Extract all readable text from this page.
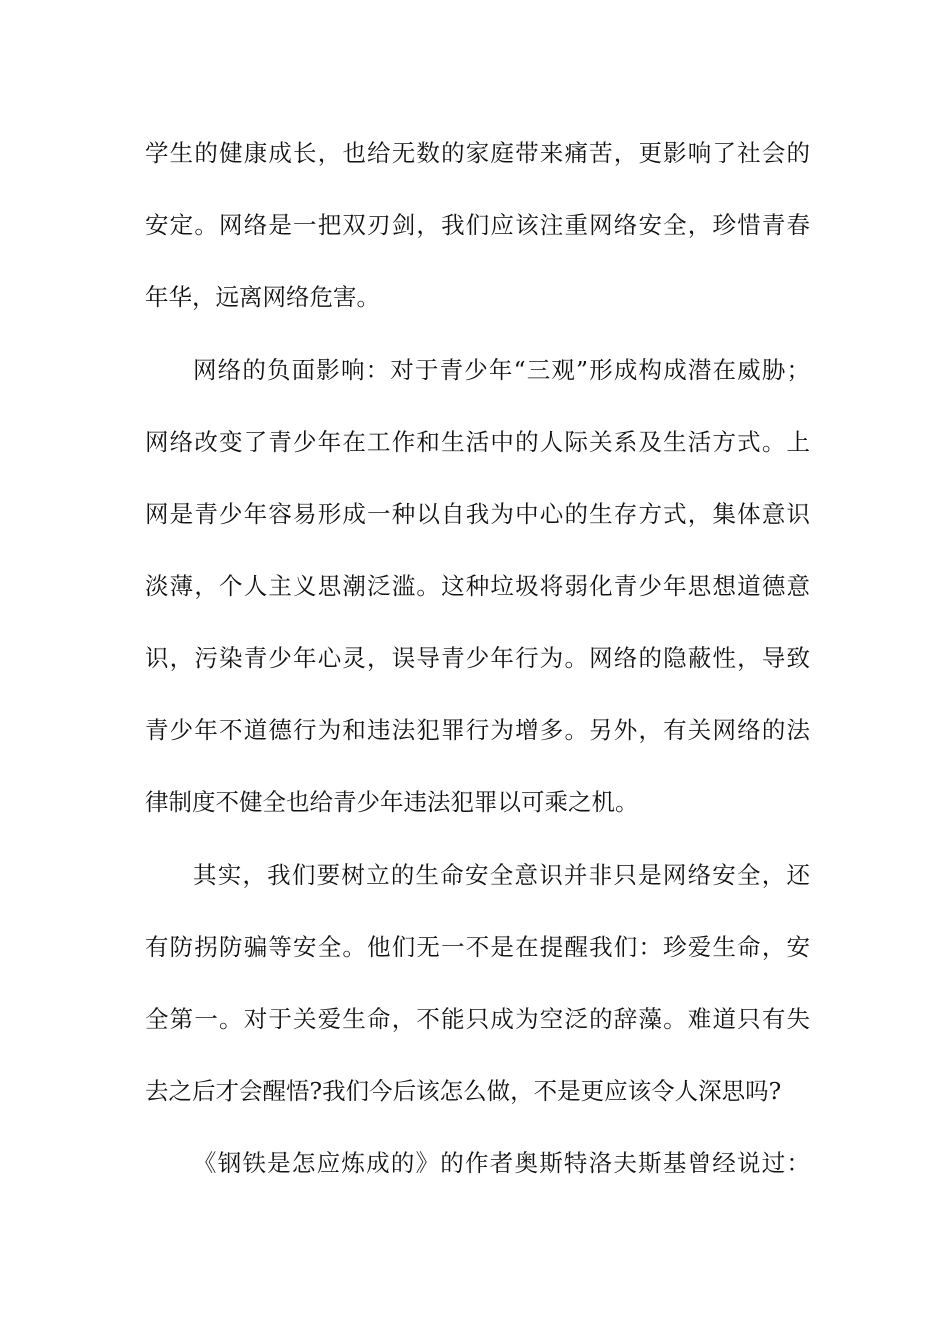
学生的健康成长，也给无数的家庭带来痛苦，更影响了社会的
安定。网络是一把双刃剑，我们应该注重网络安全，珍惜青春
年华，远离网络危害。
网络的负面影响：对于青少年“三观”形成构成潜在威胁；
网络改变了青少年在工作和生活中的人际关系及生活方式。上
网是青少年容易形成一种以自我为中心的生存方式，集体意识
淡薄，个人主义思潮泛滥。这种垃圾将弱化青少年思想道德意
识，污染青少年心灵，误导青少年行为。网络的隐蔽性，导致
青少年不道德行为和违法犯罪行为增多。另外，有关网络的法
律制度不健全也给青少年违法犯罪以可乘之机。
其实，我们要树立的生命安全意识并非只是网络安全，还
有防拐防骗等安全。他们无一不是在提醒我们：珍爱生命，安
全第一。对于关爱生命，不能只成为空泛的辞藻。难道只有失
去之后才会醒悟?我们今后该怎么做，不是更应该令人深思吗?
《钢铁是怎应炼成的》的作者奥斯特洛夫斯基曾经说过：
